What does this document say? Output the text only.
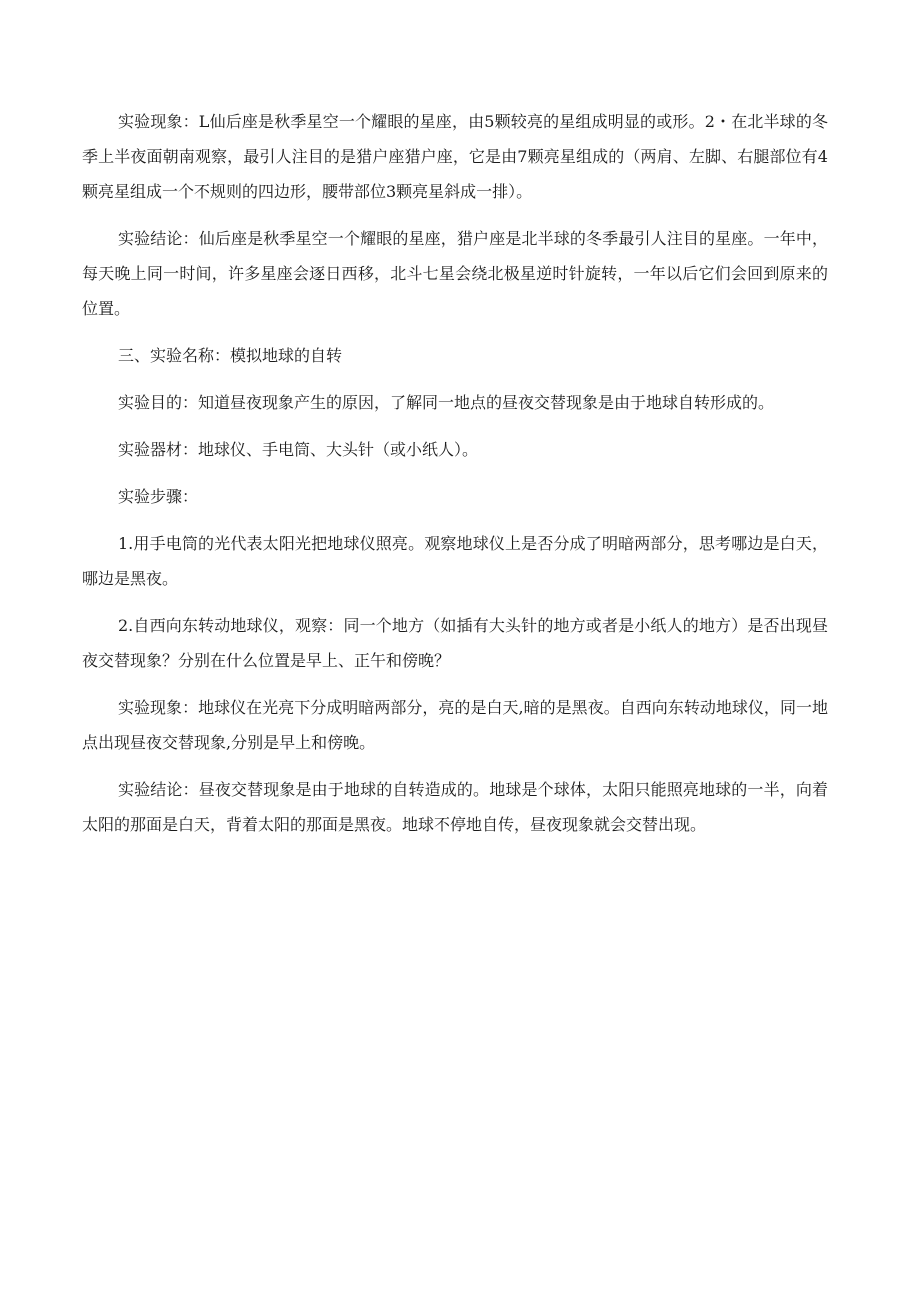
实验现象：L仙后座是秋季星空一个耀眼的星座，由5颗较亮的星组成明显的或形。2・在北半球的冬季上半夜面朝南观察，最引人注目的是猎户座猎户座，它是由7颗亮星组成的（两肩、左脚、右腿部位有4颗亮星组成一个不规则的四边形，腰带部位3颗亮星斜成一排）。

实验结论：仙后座是秋季星空一个耀眼的星座，猎户座是北半球的冬季最引人注目的星座。一年中，每天晚上同一时间，许多星座会逐日西移，北斗七星会绕北极星逆时针旋转，一年以后它们会回到原来的位置。

三、实验名称：模拟地球的自转

实验目的：知道昼夜现象产生的原因，了解同一地点的昼夜交替现象是由于地球自转形成的。

实验器材：地球仪、手电筒、大头针（或小纸人）。

实验步骤：

1.用手电筒的光代表太阳光把地球仪照亮。观察地球仪上是否分成了明暗两部分，思考哪边是白天，哪边是黑夜。

2.自西向东转动地球仪，观察：同一个地方（如插有大头针的地方或者是小纸人的地方）是否出现昼夜交替现象？分别在什么位置是早上、正午和傍晚？

实验现象：地球仪在光亮下分成明暗两部分，亮的是白天,暗的是黑夜。自西向东转动地球仪，同一地点出现昼夜交替现象,分别是早上和傍晚。

实验结论：昼夜交替现象是由于地球的自转造成的。地球是个球体，太阳只能照亮地球的一半，向着太阳的那面是白天，背着太阳的那面是黑夜。地球不停地自传，昼夜现象就会交替出现。
